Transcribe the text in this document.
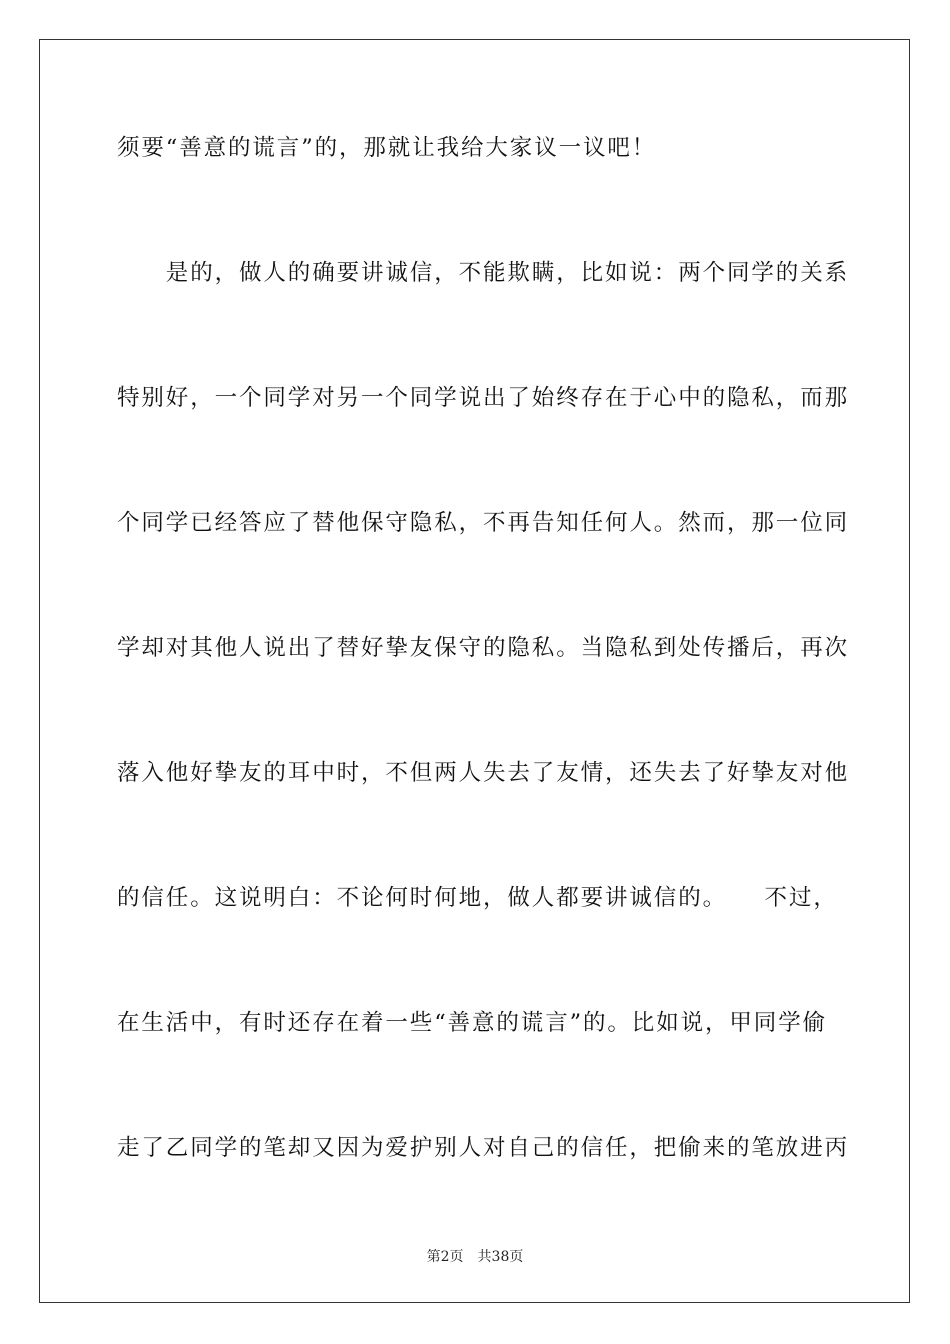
须要“善意的谎言”的，那就让我给大家议一议吧！
　　是的，做人的确要讲诚信，不能欺瞒，比如说：两个同学的关系
特别好，一个同学对另一个同学说出了始终存在于心中的隐私，而那
个同学已经答应了替他保守隐私，不再告知任何人。然而，那一位同
学却对其他人说出了替好挚友保守的隐私。当隐私到处传播后，再次
落入他好挚友的耳中时，不但两人失去了友情，还失去了好挚友对他
的信任。这说明白：不论何时何地，做人都要讲诚信的。　　不过，
在生活中，有时还存在着一些“善意的谎言”的。比如说，甲同学偷
走了乙同学的笔却又因为爱护别人对自己的信任，把偷来的笔放进丙
第2页　共38页
